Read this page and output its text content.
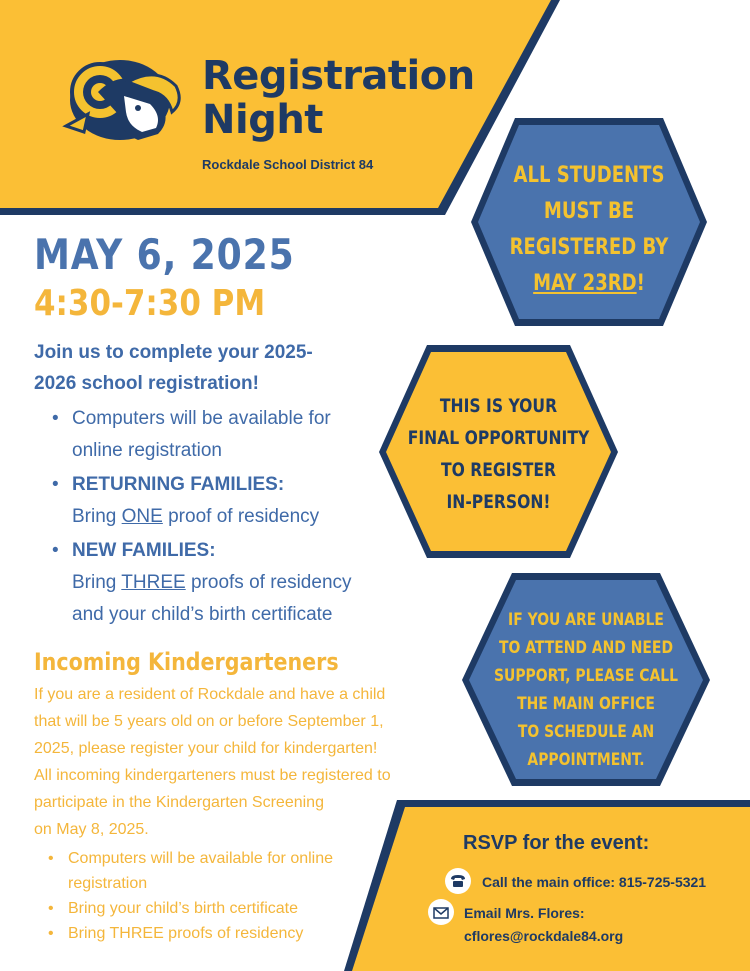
Registration
Night
Rockdale School District 84
MAY 6, 2025
4:30-7:30 PM
Join us to complete your 2025-
2026 school registration!
• Computers will be available for
online registration
• RETURNING FAMILIES:
Bring ONE proof of residency
• NEW FAMILIES:
Bring THREE proofs of residency
and your child’s birth certificate
Incoming Kindergarteners
If you are a resident of Rockdale and have a child
that will be 5 years old on or before September 1,
2025, please register your child for kindergarten!
All incoming kindergarteners must be registered to
participate in the Kindergarten Screening
on May 8, 2025.
• Computers will be available for online
registration
• Bring your child’s birth certificate
• Bring THREE proofs of residency
ALL STUDENTS
MUST BE
REGISTERED BY
MAY 23RD!
THIS IS YOUR
FINAL OPPORTUNITY
TO REGISTER
IN-PERSON!
IF YOU ARE UNABLE
TO ATTEND AND NEED
SUPPORT, PLEASE CALL
THE MAIN OFFICE
TO SCHEDULE AN
APPOINTMENT.
RSVP for the event:
Call the main office: 815-725-5321
Email Mrs. Flores:
cflores@rockdale84.org
